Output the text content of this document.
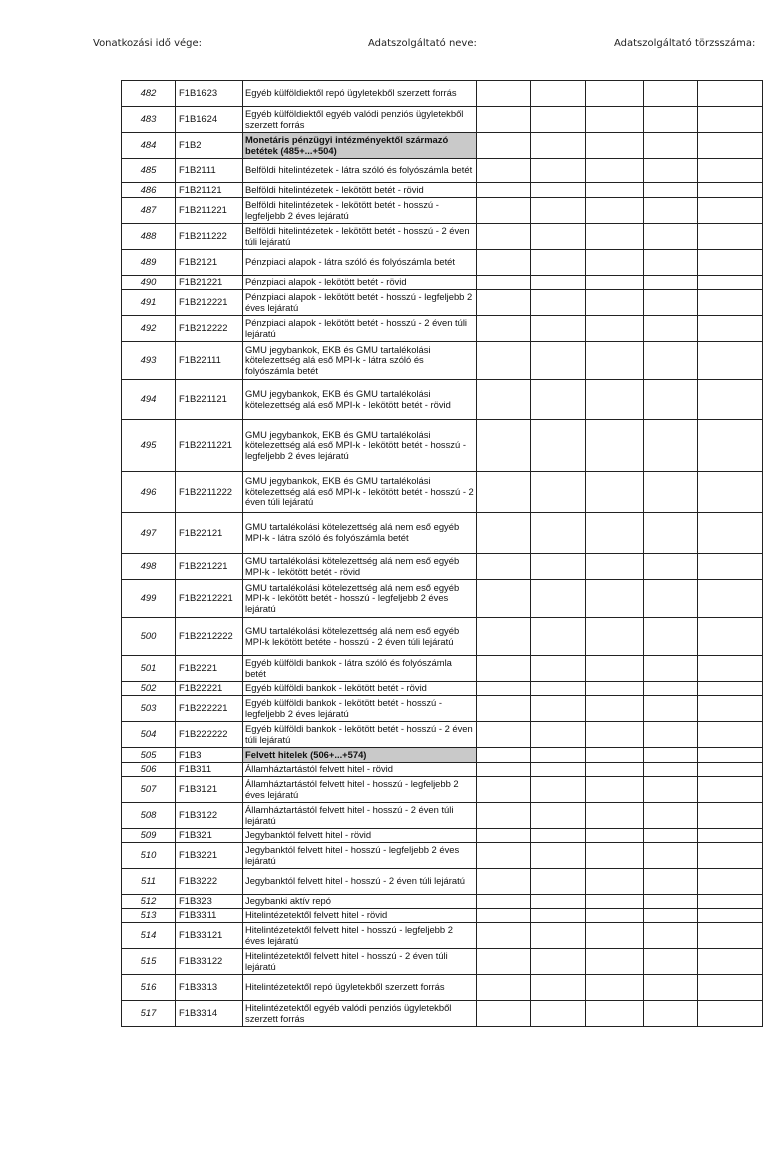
Vonatkozási idő vége:	Adatszolgáltató neve:	Adatszolgáltató törzsszáma:
482	F1B1623	Egyéb külföldiektől repó ügyletekből szerzett forrás					
483	F1B1624	Egyéb külföldiektől egyéb valódi penziós ügyletekből szerzett forrás					
484	F1B2	Monetáris pénzügyi intézményektől származó betétek (485+...+504)					
485	F1B2111	Belföldi hitelintézetek - látra szóló és folyószámla betét					
486	F1B21121	Belföldi hitelintézetek - lekötött betét - rövid					
487	F1B211221	Belföldi hitelintézetek - lekötött betét - hosszú - legfeljebb 2 éves lejáratú					
488	F1B211222	Belföldi hitelintézetek - lekötött betét - hosszú - 2 éven túli lejáratú					
489	F1B2121	Pénzpiaci alapok - látra szóló és folyószámla betét					
490	F1B21221	Pénzpiaci alapok - lekötött betét - rövid					
491	F1B212221	Pénzpiaci alapok - lekötött betét - hosszú - legfeljebb 2 éves lejáratú					
492	F1B212222	Pénzpiaci alapok - lekötött betét - hosszú - 2 éven túli lejáratú					
493	F1B22111	GMU jegybankok, EKB és GMU tartalékolási kötelezettség alá eső MPI-k - látra szóló és folyószámla betét					
494	F1B221121	GMU jegybankok, EKB és GMU tartalékolási kötelezettség alá eső MPI-k - lekötött betét - rövid					
495	F1B2211221	GMU jegybankok, EKB és GMU tartalékolási kötelezettség alá eső MPI-k - lekötött betét - hosszú - legfeljebb 2 éves lejáratú					
496	F1B2211222	GMU jegybankok, EKB és GMU tartalékolási kötelezettség alá eső MPI-k - lekötött betét - hosszú - 2 éven túli lejáratú					
497	F1B22121	GMU tartalékolási kötelezettség alá nem eső egyéb MPI-k - látra szóló és folyószámla betét					
498	F1B221221	GMU tartalékolási kötelezettség alá nem eső egyéb MPI-k - lekötött betét - rövid					
499	F1B2212221	GMU tartalékolási kötelezettség alá nem eső egyéb MPI-k - lekötött betét - hosszú - legfeljebb 2 éves lejáratú					
500	F1B2212222	GMU tartalékolási kötelezettség alá nem eső egyéb MPI-k lekötött betéte - hosszú - 2 éven túli lejáratú					
501	F1B2221	Egyéb külföldi bankok - látra szóló és folyószámla betét					
502	F1B22221	Egyéb külföldi bankok - lekötött betét - rövid					
503	F1B222221	Egyéb külföldi bankok - lekötött betét - hosszú - legfeljebb 2 éves lejáratú					
504	F1B222222	Egyéb külföldi bankok - lekötött betét - hosszú - 2 éven túli lejáratú					
505	F1B3	Felvett hitelek (506+...+574)					
506	F1B311	Államháztartástól felvett hitel - rövid					
507	F1B3121	Államháztartástól felvett hitel - hosszú - legfeljebb 2 éves lejáratú					
508	F1B3122	Államháztartástól felvett hitel - hosszú - 2 éven túli lejáratú					
509	F1B321	Jegybanktól felvett hitel - rövid					
510	F1B3221	Jegybanktól felvett hitel - hosszú - legfeljebb 2 éves lejáratú					
511	F1B3222	Jegybanktól felvett hitel - hosszú - 2 éven túli lejáratú					
512	F1B323	Jegybanki aktív repó					
513	F1B3311	Hitelintézetektől felvett hitel - rövid					
514	F1B33121	Hitelintézetektől felvett hitel - hosszú - legfeljebb 2 éves lejáratú					
515	F1B33122	Hitelintézetektől felvett hitel - hosszú - 2 éven túli lejáratú					
516	F1B3313	Hitelintézetektől repó ügyletekből szerzett forrás					
517	F1B3314	Hitelintézetektől egyéb valódi penziós ügyletekből szerzett forrás					
